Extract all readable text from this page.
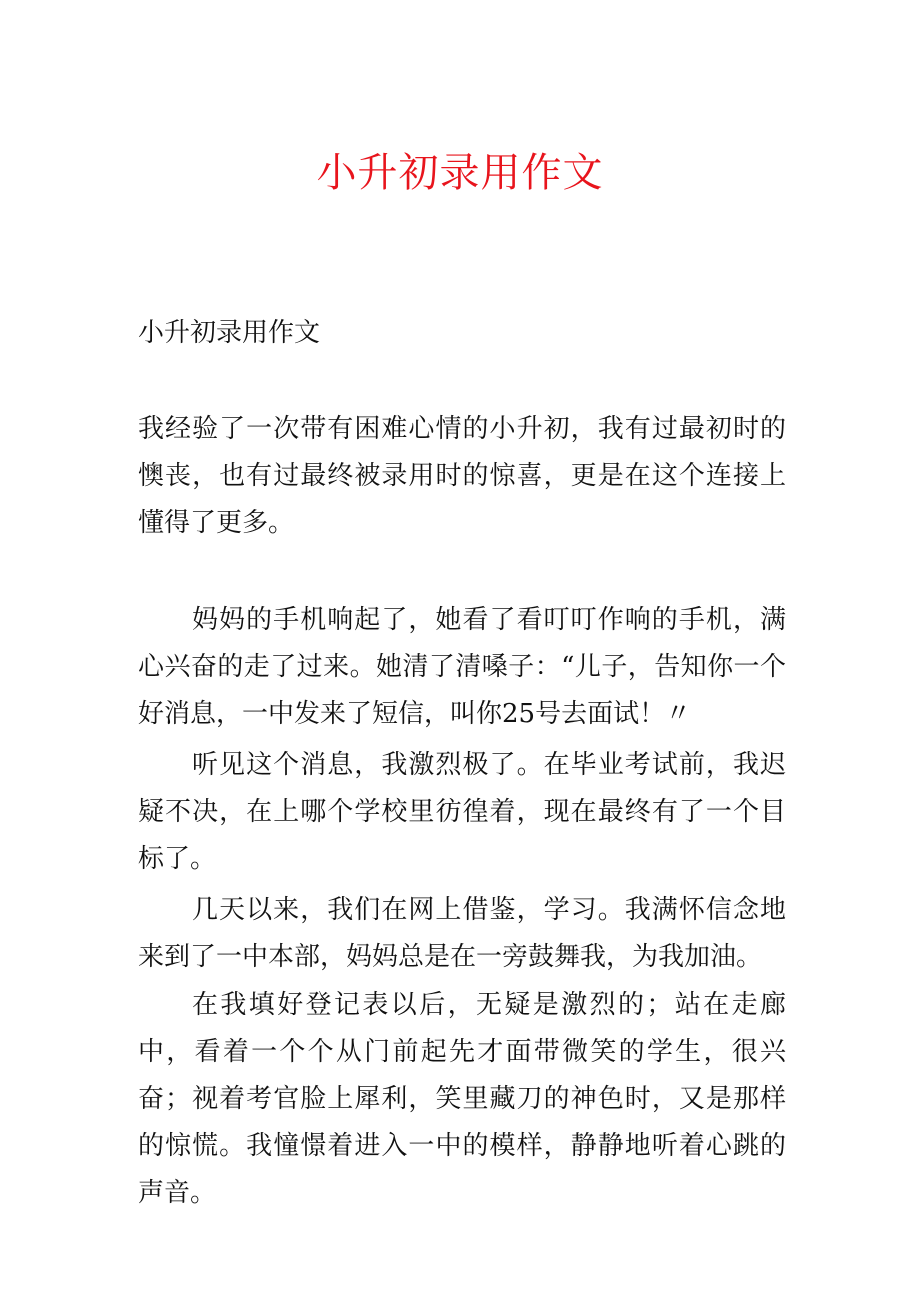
小升初录用作文

小升初录用作文

我经验了一次带有困难心情的小升初，我有过最初时的懊丧，也有过最终被录用时的惊喜，更是在这个连接上懂得了更多。

妈妈的手机响起了，她看了看叮叮作响的手机，满心兴奋的走了过来。她清了清嗓子：“儿子，告知你一个好消息，一中发来了短信，叫你25号去面试！〃

听见这个消息，我激烈极了。在毕业考试前，我迟疑不决，在上哪个学校里彷徨着，现在最终有了一个目标了。

几天以来，我们在网上借鉴，学习。我满怀信念地来到了一中本部，妈妈总是在一旁鼓舞我，为我加油。

在我填好登记表以后，无疑是激烈的；站在走廊中，看着一个个从门前起先才面带微笑的学生，很兴奋；视着考官脸上犀利，笑里藏刀的神色时，又是那样的惊慌。我憧憬着进入一中的模样，静静地听着心跳的声音。
